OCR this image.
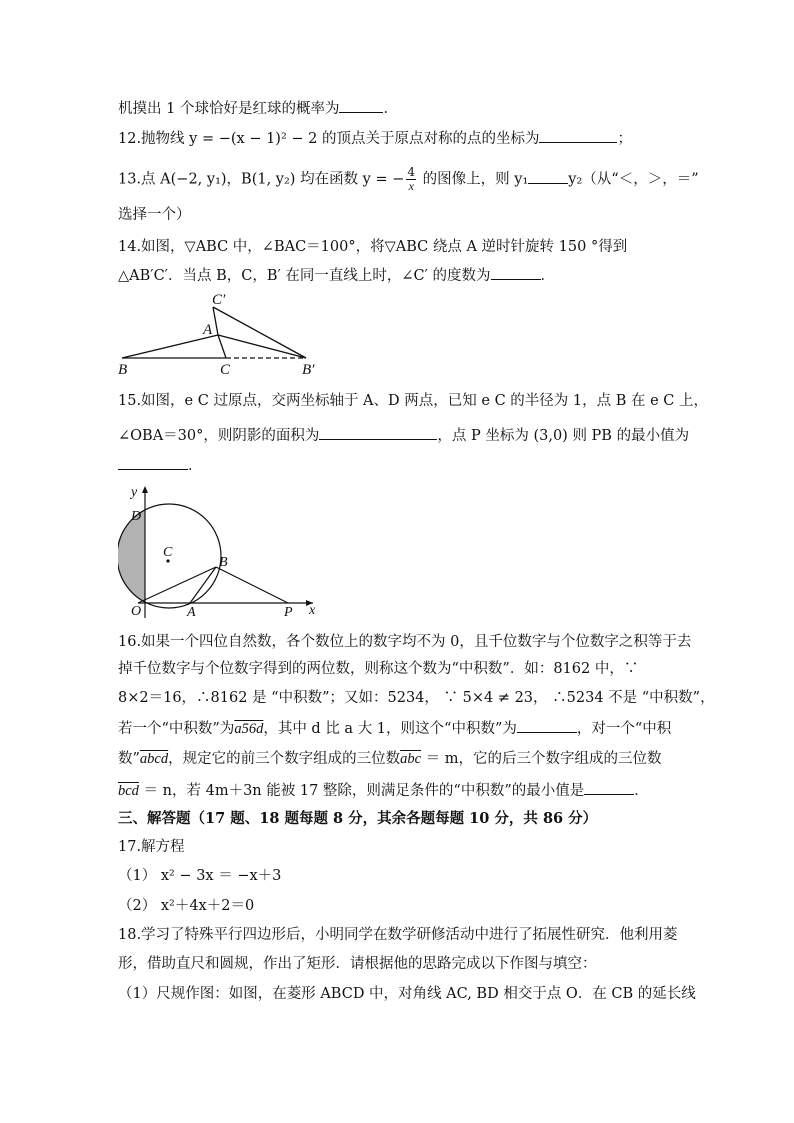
机摸出 1 个球恰好是红球的概率为	．
12.抛物线 y = −(x − 1)² − 2 的顶点关于原点对称的点的坐标为	；
13.点 A(−2, y₁)，B(1, y₂) 均在函数 y = − $\frac{4}{x}$ 的图像上，则 y₁	y₂（从“＜，＞，＝”
选择一个）
14.如图，▽ABC 中，∠BAC＝100°，将▽ABC 绕点 A 逆时针旋转 150 °得到
△AB′C′．当点 B，C，B′ 在同一直线上时，∠C′ 的度数为	．
C′
A
B	C	B′
15.如图，e C 过原点，交两坐标轴于 A、D 两点，已知 e C 的半径为 1，点 B 在 e C 上，
∠OBA＝30°，则阴影的面积为	，点 P 坐标为 (3,0) 则 PB 的最小值为
．
y
x
D
C
B
O	A	P
16.如果一个四位自然数，各个数位上的数字均不为 0，且千位数字与个位数字之积等于去
掉千位数字与个位数字得到的两位数，则称这个数为“中积数”．如：8162 中，∵
8×2＝16，∴8162 是 “中积数”；又如：5234， ∵ 5×4 ≠ 23， ∴5234 不是 “中积数”，
若一个“中积数”为a56d，其中 d 比 a 大 1，则这个“中积数”为	，对一个“中积
数”abcd，规定它的前三个数字组成的三位数$\overline{abc} = m$，它的后三个数字组成的三位数
$\overline{bcd} = n$，若 4m＋3n 能被 17 整除，则满足条件的“中积数”的最小值是	．
三、解答题（17 题、18 题每题 8 分，其余各题每题 10 分，共 86 分）
17.解方程
（1） x² − 3x ＝ −x＋3
（2） x²＋4x＋2＝0
18.学习了特殊平行四边形后，小明同学在数学研修活动中进行了拓展性研究．他利用菱
形，借助直尺和圆规，作出了矩形．请根据他的思路完成以下作图与填空：
（1）尺规作图：如图，在菱形 ABCD 中，对角线 AC, BD 相交于点 O．在 CB 的延长线
